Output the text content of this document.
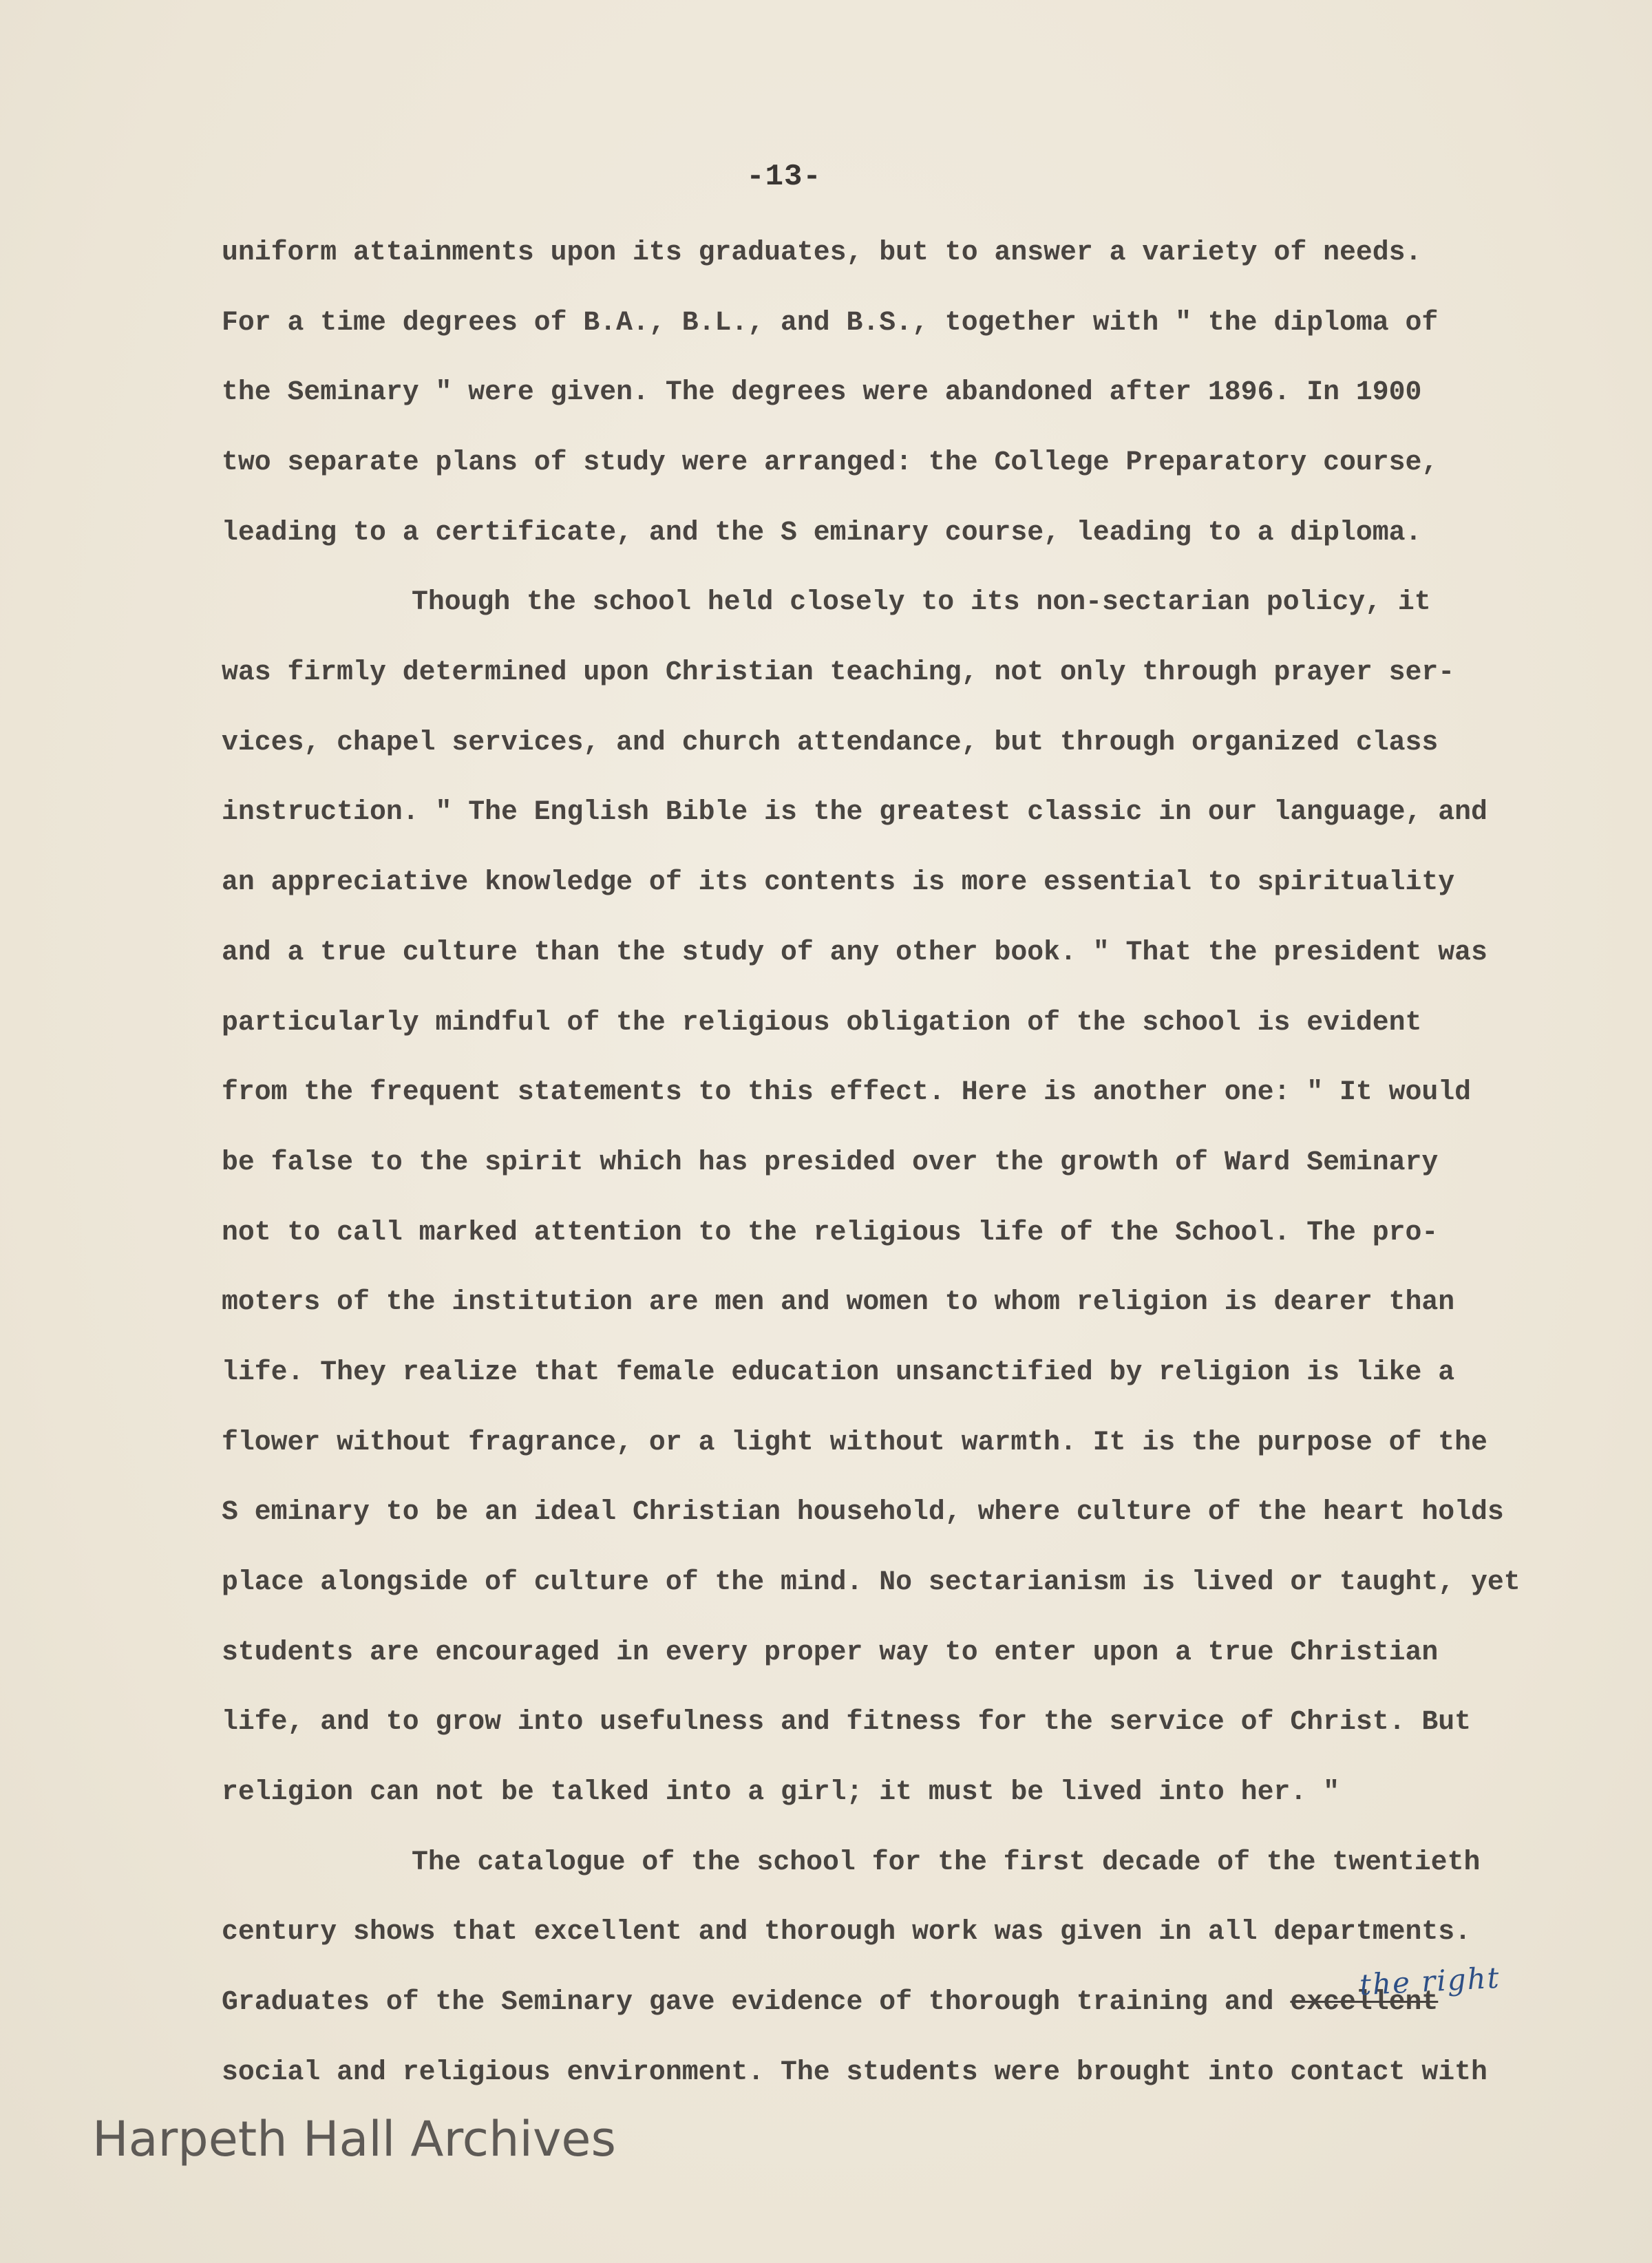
-13-
uniform attainments upon its graduates, but to answer a variety of needs.
For a time degrees of B.A., B.L., and B.S., together with " the diploma of
the Seminary " were given. The degrees were abandoned after 1896. In 1900
two separate plans of study were arranged: the College Preparatory course,
leading to a certificate, and the S eminary course, leading to a diploma.
Though the school held closely to its non-sectarian policy, it
was firmly determined upon Christian teaching, not only through prayer ser-
vices, chapel services, and church attendance, but through organized class
instruction. " The English Bible is the greatest classic in our language, and
an appreciative knowledge of its contents is more essential to spirituality
and a true culture than the study of any other book. " That the president was
particularly mindful of the religious obligation of the school is evident
from the frequent statements to this effect. Here is another one: " It would
be false to the spirit which has presided over the growth of Ward Seminary
not to call marked attention to the religious life of the School. The pro-
moters of the institution are men and women to whom religion is dearer than
life. They realize that female education unsanctified by religion is like a
flower without fragrance, or a light without warmth. It is the purpose of the
S eminary to be an ideal Christian household, where culture of the heart holds
place alongside of culture of the mind. No sectarianism is lived or taught, yet
students are encouraged in every proper way to enter upon a true Christian
life, and to grow into usefulness and fitness for the service of Christ. But
religion can not be talked into a girl; it must be lived into her. "
The catalogue of the school for the first decade of the twentieth
century shows that excellent and thorough work was given in all departments.
Graduates of the Seminary gave evidence of thorough training and excellent
the right
social and religious environment. The students were brought into contact with
Harpeth Hall Archives
